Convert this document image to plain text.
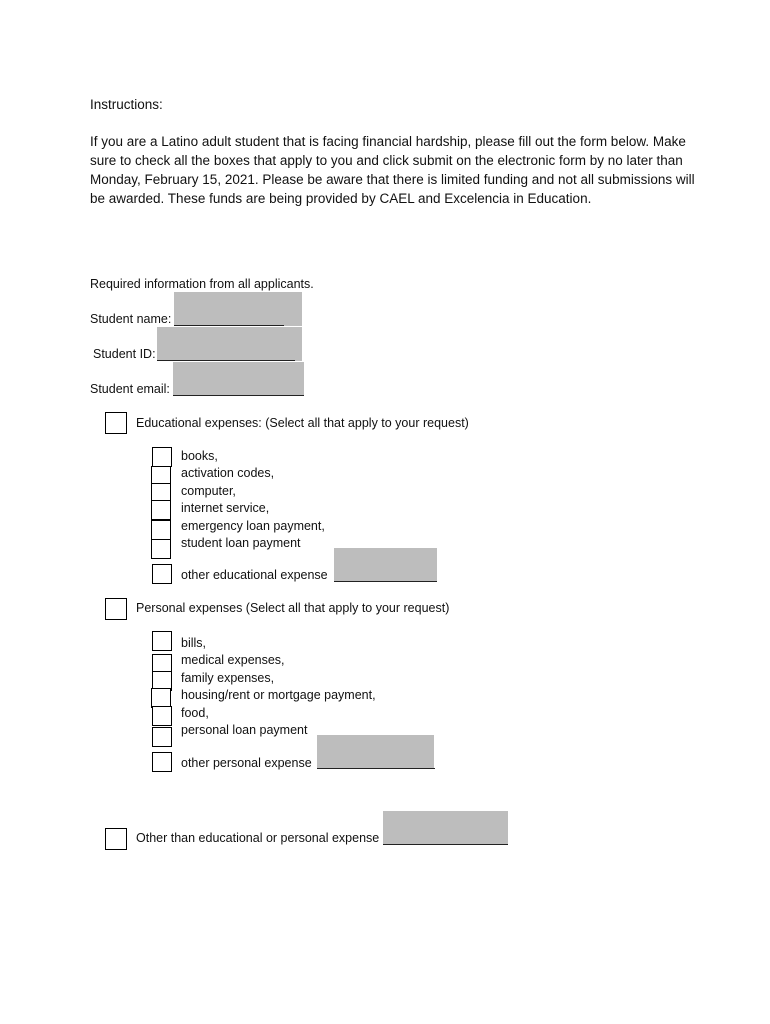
Instructions:
If you are a Latino adult student that is facing financial hardship, please fill out the form below. Make sure to check all the boxes that apply to you and click submit on the electronic form by no later than Monday, February 15, 2021. Please be aware that there is limited funding and not all submissions will be awarded. These funds are being provided by CAEL and Excelencia in Education.
Required information from all applicants.
Student name:
Student ID:
Student email:
Educational expenses: (Select all that apply to your request)
books,
activation codes,
computer,
internet service,
emergency loan payment,
student loan payment
other educational expense
Personal expenses (Select all that apply to your request)
bills,
medical expenses,
family expenses,
housing/rent or mortgage payment,
food,
personal loan payment
other personal expense
Other than educational or personal expense
